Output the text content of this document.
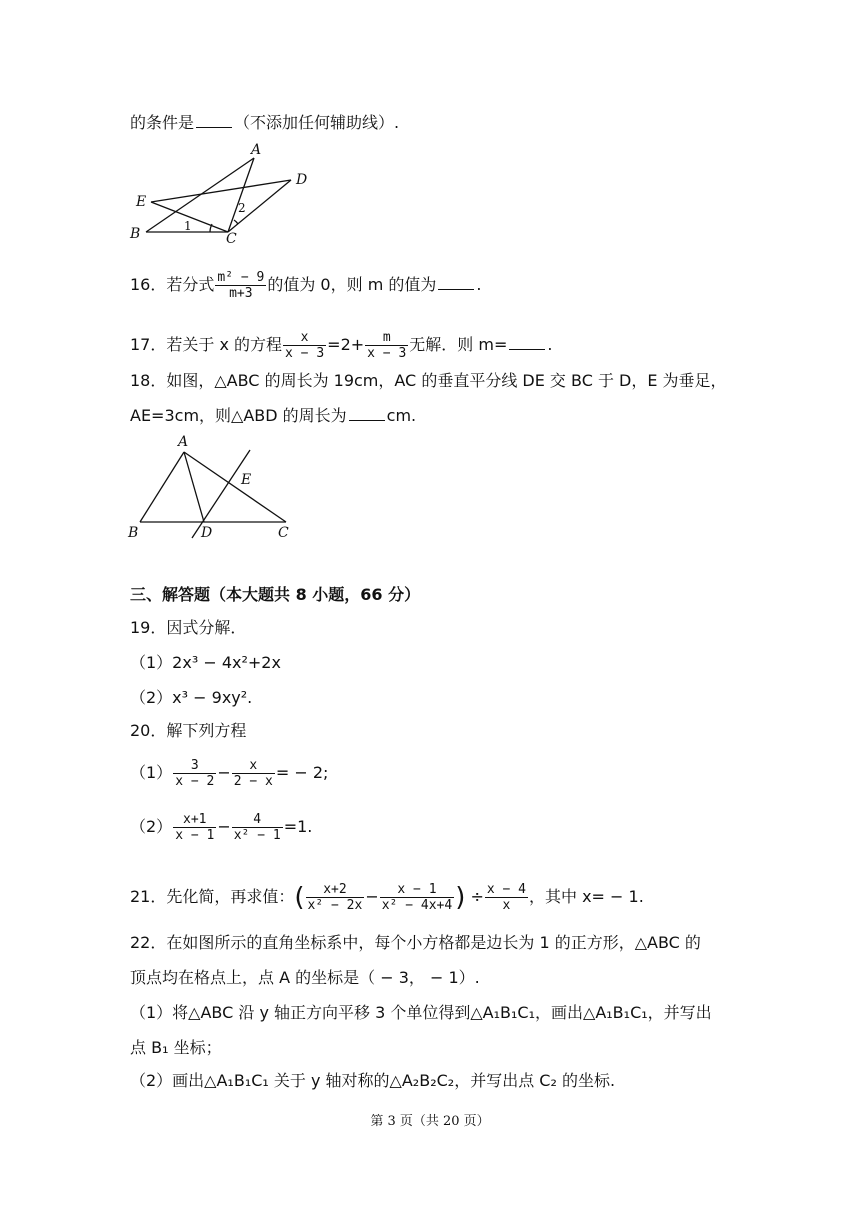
的条件是	（不添加任何辅助线）.
A
B	C
D
E
1
2
16．若分式 $\frac{\text{m² − 9}}{m+3}$ 的值为 0，则 m 的值为	.
17．若关于 x 的方程 $\frac{x}{x - 3} =2+ \frac{m}{x - 3}$ 无解．则 m=	.
18．如图，△ABC 的周长为 19cm，AC 的垂直平分线 DE 交 BC 于 D，E 为垂足，
AE=3cm，则△ABD 的周长为	cm.
A
B	C
D
E
三、解答题（本大题共 8 小题，66 分）
19．因式分解．
（1）2x³ − 4x²+2x
（2）x³ − 9xy².
20．解下列方程
$(1) \frac{3}{x - 2} - \frac{x}{2 - x}$ = − 2;
$(2) \frac{x+1}{x - 1} - \frac{4}{\text{x² − 1}} =1$.
21．先化简，再求值：( $\frac{x+2}{\text{x² − 2x}} - \frac{x - 1}{\text{x² − 4x+4}}$ ) ÷ $\frac{x - 4}{x}$ ，其中 x= − 1.
22．在如图所示的直角坐标系中，每个小方格都是边长为 1 的正方形，△ABC 的
顶点均在格点上，点 A 的坐标是（ − 3， − 1）.
（1）将△ABC 沿 y 轴正方向平移 3 个单位得到△A₁B₁C₁，画出△A₁B₁C₁，并写出
点 B₁ 坐标；
（2）画出△A₁B₁C₁ 关于 y 轴对称的△A₂B₂C₂，并写出点 C₂ 的坐标.
第 3 页（共 20 页）
